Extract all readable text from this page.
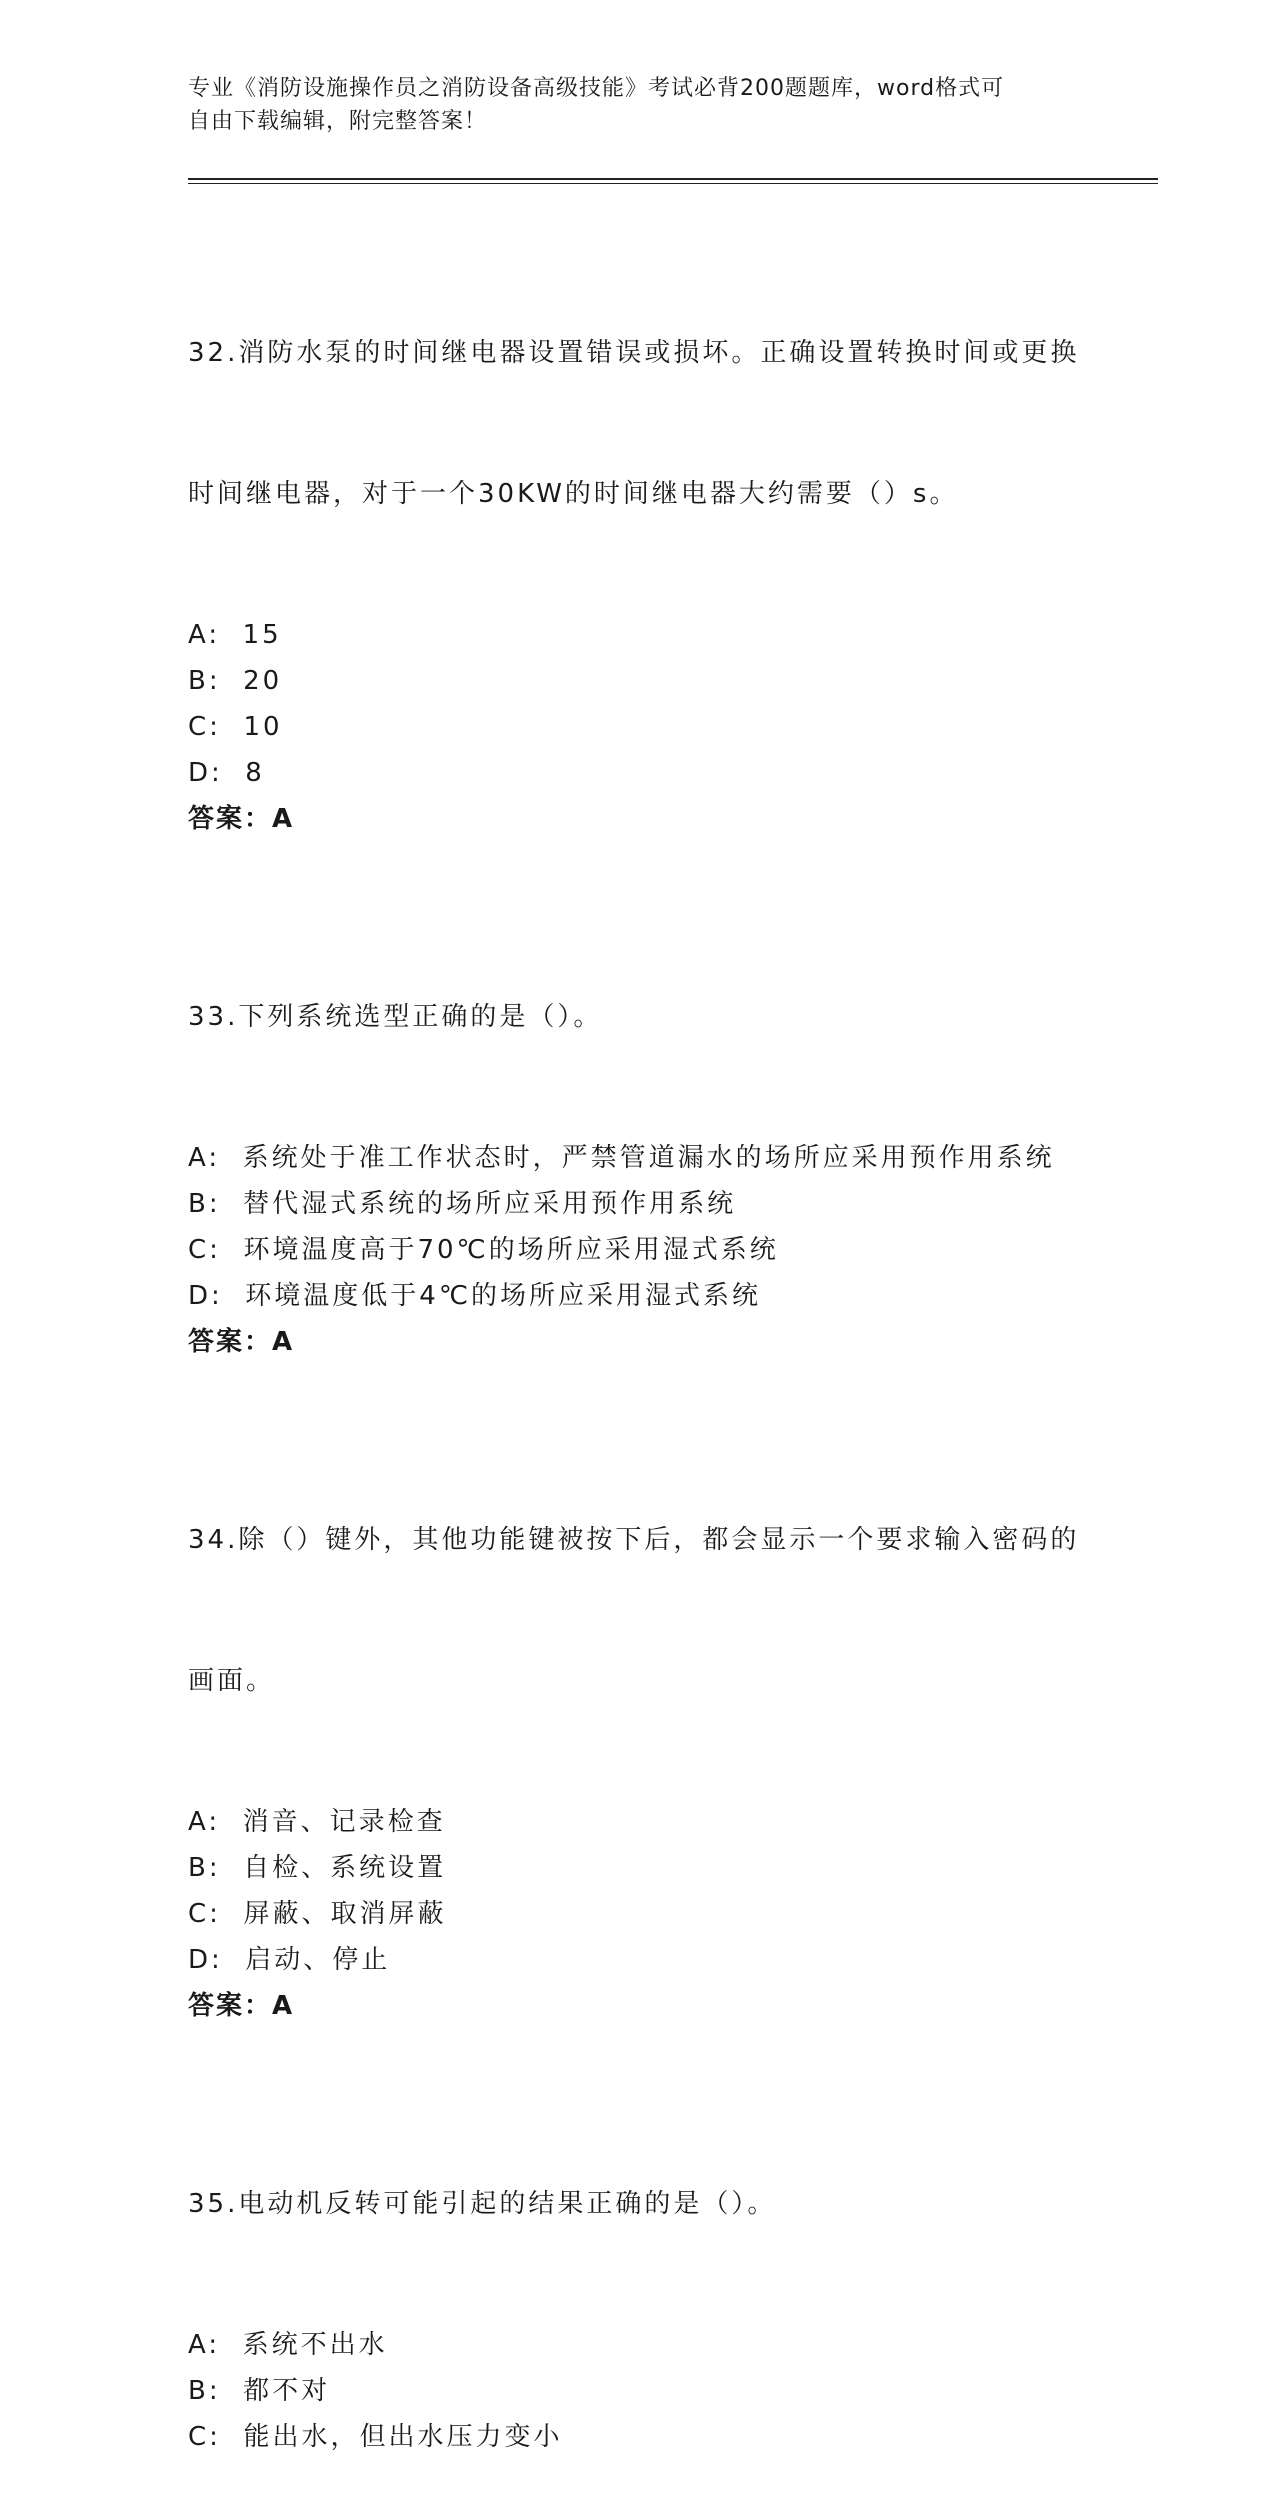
专业《消防设施操作员之消防设备高级技能》考试必背200题题库，word格式可
自由下载编辑，附完整答案！

32.消防水泵的时间继电器设置错误或损坏。正确设置转换时间或更换

时间继电器，对于一个30KW的时间继电器大约需要（）s。

A:  15
B:  20
C:  10
D:  8
答案：A

33.下列系统选型正确的是（）。

A:  系统处于准工作状态时，严禁管道漏水的场所应采用预作用系统
B:  替代湿式系统的场所应采用预作用系统
C:  环境温度高于70℃的场所应采用湿式系统
D:  环境温度低于4℃的场所应采用湿式系统
答案：A

34.除（）键外，其他功能键被按下后，都会显示一个要求输入密码的

画面。

A:  消音、记录检查
B:  自检、系统设置
C:  屏蔽、取消屏蔽
D:  启动、停止
答案：A

35.电动机反转可能引起的结果正确的是（）。

A:  系统不出水
B:  都不对
C:  能出水，但出水压力变小
